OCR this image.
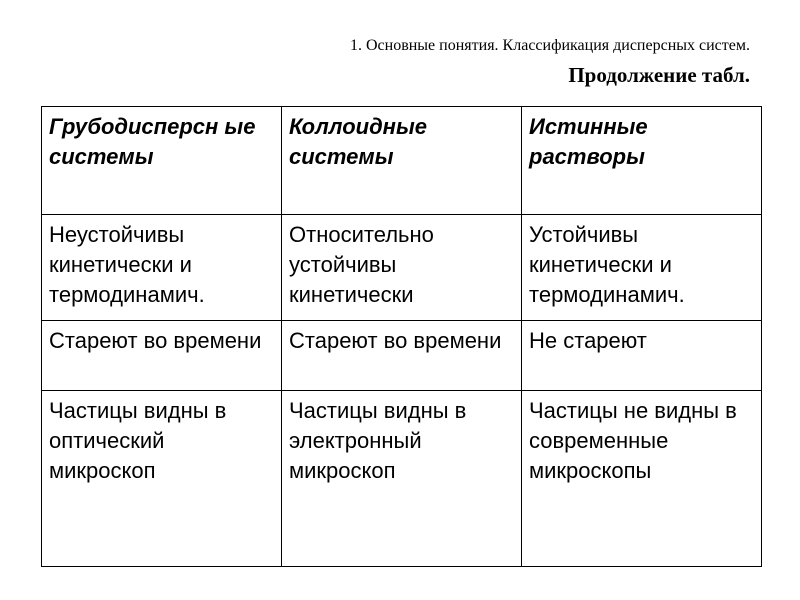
1. Основные понятия. Классификация дисперсных систем.
Продолжение табл.
Грубодисперсн ые системы	Коллоидные системы	Истинные растворы
Неустойчивы кинетически и термодинамич.	Относительно устойчивы кинетически	Устойчивы кинетически и термодинамич.
Стареют во времени	Стареют во времени	Не стареют
Частицы видны в оптический микроскоп	Частицы видны в электронный микроскоп	Частицы не видны в современные микроскопы
